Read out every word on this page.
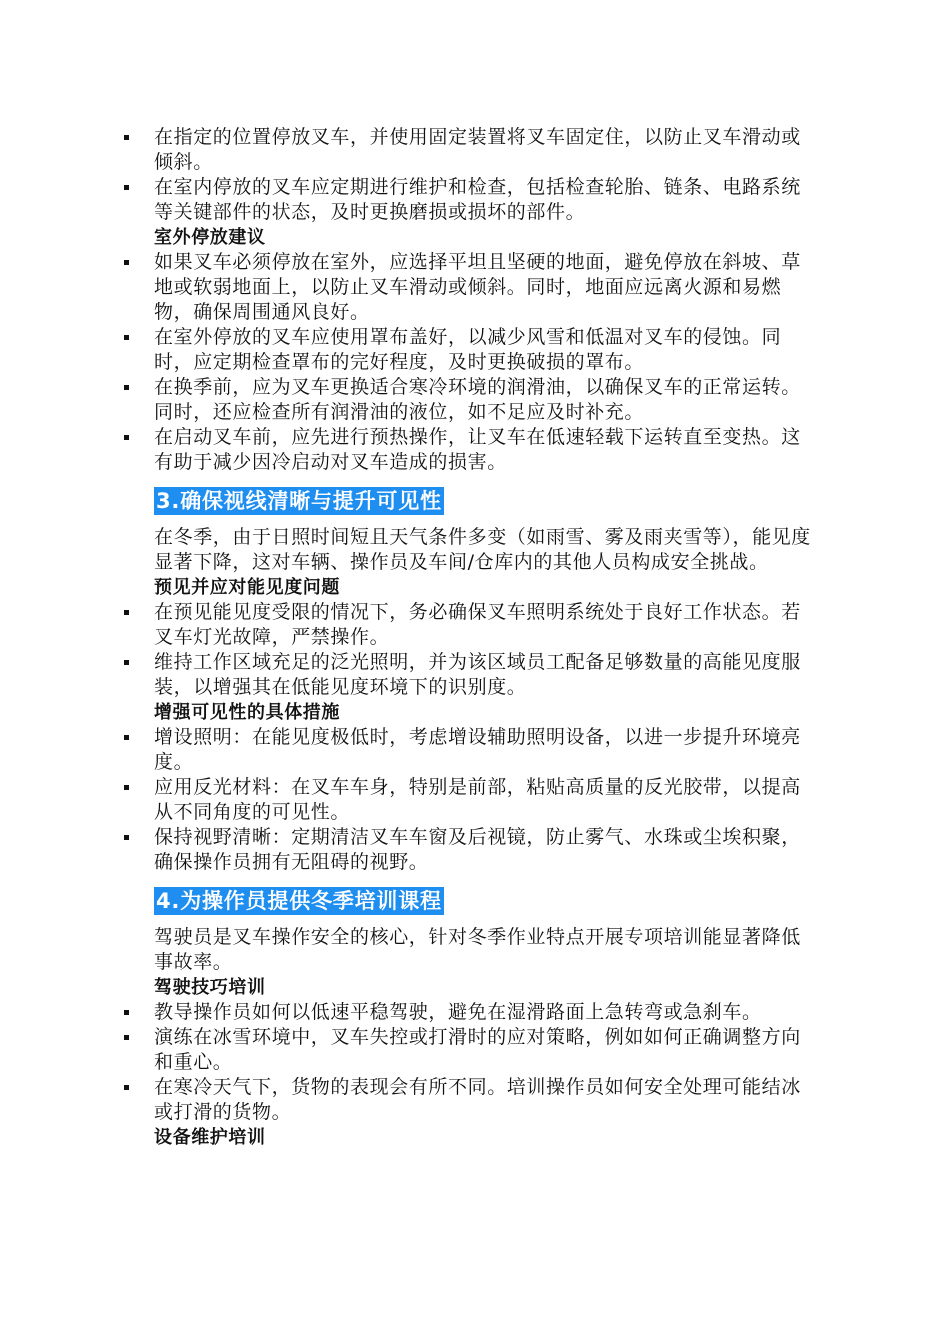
在指定的位置停放叉车，并使用固定装置将叉车固定住，以防止叉车滑动或倾斜。
在室内停放的叉车应定期进行维护和检查，包括检查轮胎、链条、电路系统等关键部件的状态，及时更换磨损或损坏的部件。
室外停放建议
如果叉车必须停放在室外，应选择平坦且坚硬的地面，避免停放在斜坡、草地或软弱地面上，以防止叉车滑动或倾斜。同时，地面应远离火源和易燃物，确保周围通风良好。
在室外停放的叉车应使用罩布盖好，以减少风雪和低温对叉车的侵蚀。同时，应定期检查罩布的完好程度，及时更换破损的罩布。
在换季前，应为叉车更换适合寒冷环境的润滑油，以确保叉车的正常运转。同时，还应检查所有润滑油的液位，如不足应及时补充。
在启动叉车前，应先进行预热操作，让叉车在低速轻载下运转直至变热。这有助于减少因冷启动对叉车造成的损害。
3.确保视线清晰与提升可见性
在冬季，由于日照时间短且天气条件多变（如雨雪、雾及雨夹雪等），能见度显著下降，这对车辆、操作员及车间/仓库内的其他人员构成安全挑战。
预见并应对能见度问题
在预见能见度受限的情况下，务必确保叉车照明系统处于良好工作状态。若叉车灯光故障，严禁操作。
维持工作区域充足的泛光照明，并为该区域员工配备足够数量的高能见度服装，以增强其在低能见度环境下的识别度。
增强可见性的具体措施
增设照明：在能见度极低时，考虑增设辅助照明设备，以进一步提升环境亮度。
应用反光材料：在叉车车身，特别是前部，粘贴高质量的反光胶带，以提高从不同角度的可见性。
保持视野清晰：定期清洁叉车车窗及后视镜，防止雾气、水珠或尘埃积聚，确保操作员拥有无阻碍的视野。
4.为操作员提供冬季培训课程
驾驶员是叉车操作安全的核心，针对冬季作业特点开展专项培训能显著降低事故率。
驾驶技巧培训
教导操作员如何以低速平稳驾驶，避免在湿滑路面上急转弯或急刹车。
演练在冰雪环境中，叉车失控或打滑时的应对策略，例如如何正确调整方向和重心。
在寒冷天气下，货物的表现会有所不同。培训操作员如何安全处理可能结冰或打滑的货物。
设备维护培训
